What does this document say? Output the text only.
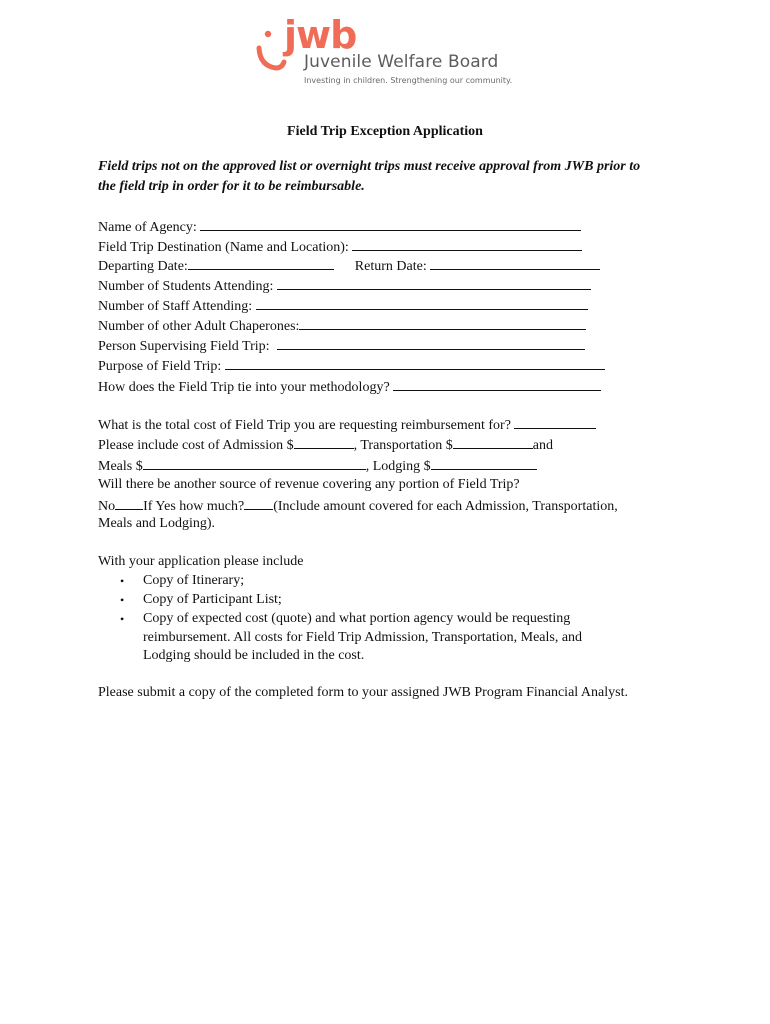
jwb
Juvenile Welfare Board
Investing in children. Strengthening our community.
Field Trip Exception Application
Field trips not on the approved list or overnight trips must receive approval from JWB prior to the field trip in order for it to be reimbursable.
Name of Agency:
Field Trip Destination (Name and Location):
Departing Date:	Return Date:
Number of Students Attending:
Number of Staff Attending:
Number of other Adult Chaperones:
Person Supervising Field Trip:
Purpose of Field Trip:
How does the Field Trip tie into your methodology?
What is the total cost of Field Trip you are requesting reimbursement for?
Please include cost of Admission $	, Transportation $	and
Meals $	, Lodging $
Will there be another source of revenue covering any portion of Field Trip?
No If Yes how much? (Include amount covered for each Admission, Transportation,
Meals and Lodging).
With your application please include
• Copy of Itinerary;
• Copy of Participant List;
• Copy of expected cost (quote) and what portion agency would be requesting reimbursement. All costs for Field Trip Admission, Transportation, Meals, and Lodging should be included in the cost.
Please submit a copy of the completed form to your assigned JWB Program Financial Analyst.
